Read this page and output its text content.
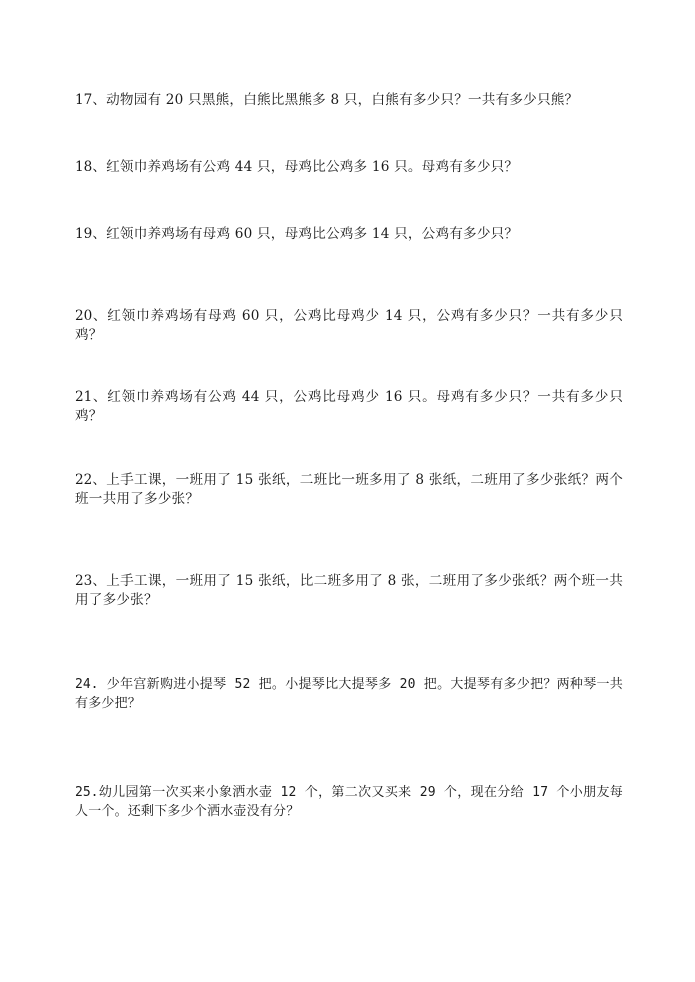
17、动物园有 20 只黑熊，白熊比黑熊多 8 只，白熊有多少只？一共有多少只熊？
18、红领巾养鸡场有公鸡 44 只，母鸡比公鸡多 16 只。母鸡有多少只？
19、红领巾养鸡场有母鸡 60 只，母鸡比公鸡多 14 只，公鸡有多少只？
20、红领巾养鸡场有母鸡 60 只，公鸡比母鸡少 14 只，公鸡有多少只？一共有多少只鸡？
21、红领巾养鸡场有公鸡 44 只，公鸡比母鸡少 16 只。母鸡有多少只？一共有多少只鸡？
22、上手工课，一班用了 15 张纸，二班比一班多用了 8 张纸，二班用了多少张纸？两个班一共用了多少张？
23、上手工课，一班用了 15 张纸，比二班多用了 8 张，二班用了多少张纸？两个班一共用了多少张？
24. 少年宫新购进小提琴 52 把。小提琴比大提琴多 20 把。大提琴有多少把？两种琴一共有多少把？
25.幼儿园第一次买来小象洒水壶 12 个，第二次又买来 29 个，现在分给 17 个小朋友每人一个。还剩下多少个洒水壶没有分？
